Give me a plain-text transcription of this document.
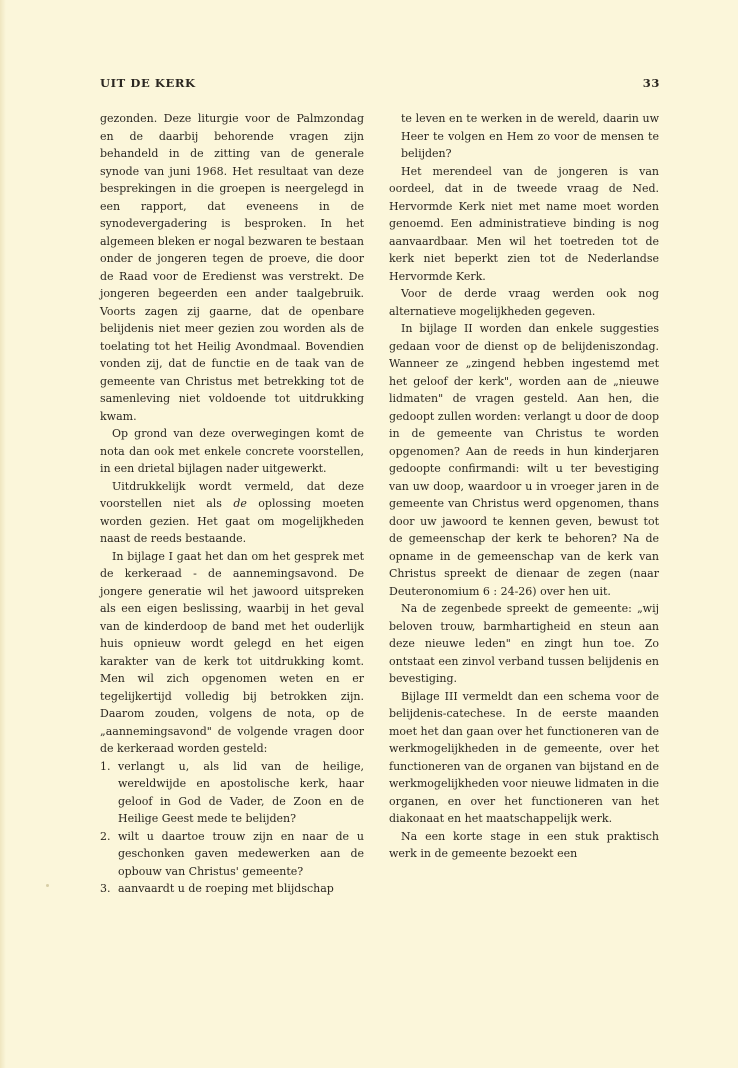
UIT DE KERK	33

gezonden. Deze liturgie voor de Palmzondag en de daarbij behorende vragen zijn behandeld in de zitting van de generale synode van juni 1968. Het resultaat van deze besprekingen in die groepen is neergelegd in een rapport, dat eveneens in de synodevergadering is besproken. In het algemeen bleken er nogal bezwaren te bestaan onder de jongeren tegen de proeve, die door de Raad voor de Eredienst was verstrekt. De jongeren begeerden een ander taalgebruik. Voorts zagen zij gaarne, dat de openbare belijdenis niet meer gezien zou worden als de toelating tot het Heilig Avondmaal. Bovendien vonden zij, dat de functie en de taak van de gemeente van Christus met betrekking tot de samenleving niet voldoende tot uitdrukking kwam.

Op grond van deze overwegingen komt de nota dan ook met enkele concrete voorstellen, in een drietal bijlagen nader uitgewerkt.

Uitdrukkelijk wordt vermeld, dat deze voorstellen niet als de oplossing moeten worden gezien. Het gaat om mogelijkheden naast de reeds bestaande.

In bijlage I gaat het dan om het gesprek met de kerkeraad - de aannemingsavond. De jongere generatie wil het jawoord uitspreken als een eigen beslissing, waarbij in het geval van de kinderdoop de band met het ouderlijk huis opnieuw wordt gelegd en het eigen karakter van de kerk tot uitdrukking komt. Men wil zich opgenomen weten en er tegelijkertijd volledig bij betrokken zijn. Daarom zouden, volgens de nota, op de „aannemingsavond" de volgende vragen door de kerkeraad worden gesteld:

1. verlangt u, als lid van de heilige, wereldwijde en apostolische kerk, haar geloof in God de Vader, de Zoon en de Heilige Geest mede te belijden?
2. wilt u daartoe trouw zijn en naar de u geschonken gaven medewerken aan de opbouw van Christus' gemeente?
3. aanvaardt u de roeping met blijdschap

te leven en te werken in de wereld, daarin uw Heer te volgen en Hem zo voor de mensen te belijden?

Het merendeel van de jongeren is van oordeel, dat in de tweede vraag de Ned. Hervormde Kerk niet met name moet worden genoemd. Een administratieve binding is nog aanvaardbaar. Men wil het toetreden tot de kerk niet beperkt zien tot de Nederlandse Hervormde Kerk.

Voor de derde vraag werden ook nog alternatieve mogelijkheden gegeven.

In bijlage II worden dan enkele suggesties gedaan voor de dienst op de belijdeniszondag. Wanneer ze „zingend hebben ingestemd met het geloof der kerk", worden aan de „nieuwe lidmaten" de vragen gesteld. Aan hen, die gedoopt zullen worden: verlangt u door de doop in de gemeente van Christus te worden opgenomen? Aan de reeds in hun kinderjaren gedoopte confirmandi: wilt u ter bevestiging van uw doop, waardoor u in vroeger jaren in de gemeente van Christus werd opgenomen, thans door uw jawoord te kennen geven, bewust tot de gemeenschap der kerk te behoren? Na de opname in de gemeenschap van de kerk van Christus spreekt de dienaar de zegen (naar Deuteronomium 6 : 24-26) over hen uit.

Na de zegenbede spreekt de gemeente: „wij beloven trouw, barmhartigheid en steun aan deze nieuwe leden" en zingt hun toe. Zo ontstaat een zinvol verband tussen belijdenis en bevestiging.

Bijlage III vermeldt dan een schema voor de belijdenis-catechese. In de eerste maanden moet het dan gaan over het functioneren van de werkmogelijkheden in de gemeente, over het functioneren van de organen van bijstand en de werkmogelijkheden voor nieuwe lidmaten in die organen, en over het functioneren van het diakonaat en het maatschappelijk werk.

Na een korte stage in een stuk praktisch werk in de gemeente bezoekt een
